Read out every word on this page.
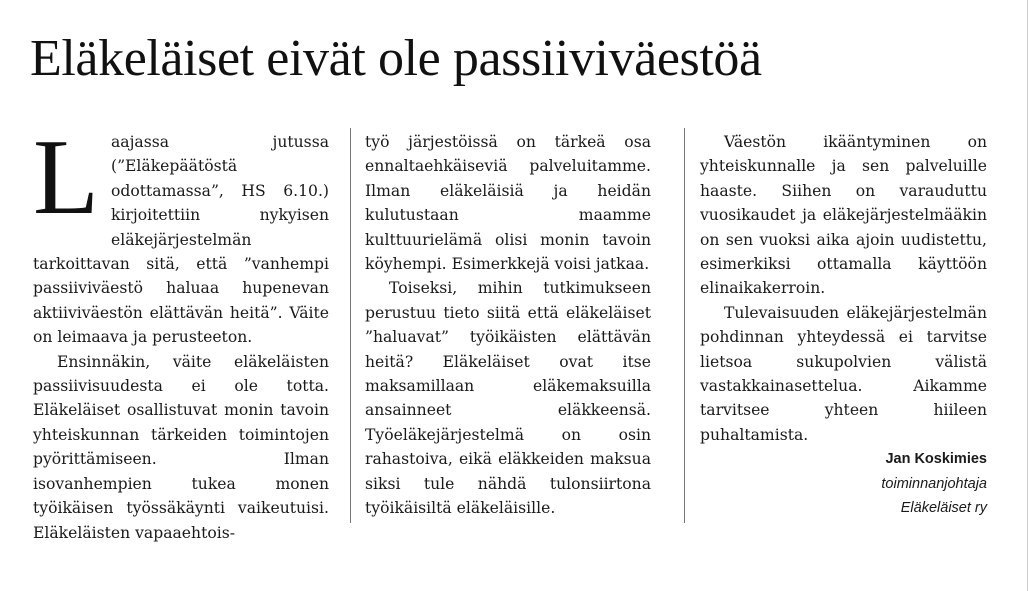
Eläkeläiset eivät ole passiiviväestöä

Laajassa jutussa (”Eläkepäätöstä odottamassa”, HS 6.10.) kirjoitettiin nykyisen eläkejärjestelmän tarkoittavan sitä, että ”vanhempi passiiviväestö haluaa hupenevan aktiiviväestön elättävän heitä”. Väite on leimaava ja perusteeton.

Ensinnäkin, väite eläkeläisten passiivisuudesta ei ole totta. Eläkeläiset osallistuvat monin tavoin yhteiskunnan tärkeiden toimintojen pyörittämiseen. Ilman isovanhempien tukea monen työikäisen työssäkäynti vaikeutuisi. Eläkeläisten vapaaehtois-

työ järjestöissä on tärkeä osa ennaltaehkäiseviä palveluitamme. Ilman eläkeläisiä ja heidän kulutustaan maamme kulttuurielämä olisi monin tavoin köyhempi. Esimerkkejä voisi jatkaa.

Toiseksi, mihin tutkimukseen perustuu tieto siitä että eläkeläiset ”haluavat” työikäisten elättävän heitä? Eläkeläiset ovat itse maksamillaan eläkemaksuilla ansainneet eläkkeensä. Työeläkejärjestelmä on osin rahastoiva, eikä eläkkeiden maksua siksi tule nähdä tulonsiirtona työikäisiltä eläkeläisille.

Väestön ikääntyminen on yhteiskunnalle ja sen palveluille haaste. Siihen on varauduttu vuosikaudet ja eläkejärjestelmääkin on sen vuoksi aika ajoin uudistettu, esimerkiksi ottamalla käyttöön elinaikakerroin.

Tulevaisuuden eläkejärjestelmän pohdinnan yhteydessä ei tarvitse lietsoa sukupolvien välistä vastakkainasettelua. Aikamme tarvitsee yhteen hiileen puhaltamista.

Jan Koskimies

toiminnanjohtaja

Eläkeläiset ry
